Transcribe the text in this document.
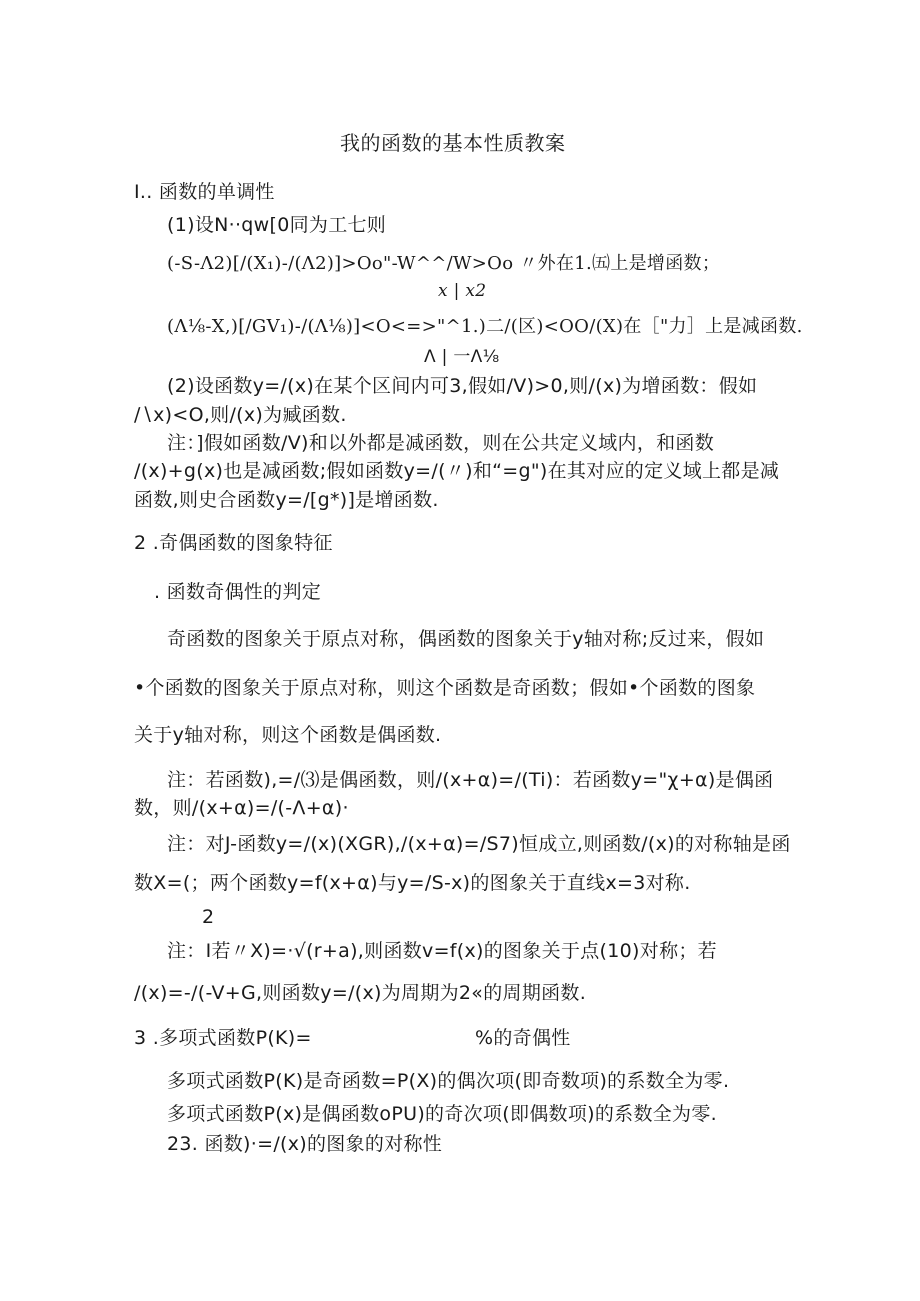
我的函数的基本性质教案
I.. 函数的单调性
(1)设N··qw[0同为工七则
(-S-Λ2)[∕(X₁)-∕(Λ2)]>Oo"-W^^∕W>Oo 〃外在1.㈤上是增函数；
x | x2
(Λ⅛-X,)[∕GV₁)-∕(Λ⅛)]<O<=>"^1.)二∕(区)<OO/(X)在［"力］上是减函数.
Λ | 一Λ⅛
(2)设函数y=∕(x)在某个区间内可3,假如/V)>0,则/(x)为增函数：假如
∕∖x)<O,则/(x)为臧函数.
注：]假如函数/V)和以外都是减函数，则在公共定义域内，和函数
/(x)+g(x)也是减函数;假如函数y=/(〃)和“=g")在其对应的定义域上都是减
函数,则史合函数y=∕[g*)]是增函数.
2 .奇偶函数的图象特征
. 函数奇偶性的判定
奇函数的图象关于原点对称，偶函数的图象关于y轴对称;反过来，假如
•个函数的图象关于原点对称，则这个函数是奇函数；假如•个函数的图象
关于y轴对称，则这个函数是偶函数.
注：若函数),=/⑶是偶函数，则/(x+α)=/(Ti)：若函数y="χ+α)是偶函
数，则/(x+α)=∕(-Λ+α)·
注：对J-函数y=/(x)(XGR),/(x+α)=/S7)恒成立,则函数/(x)的对称轴是函
数X=(；两个函数y=f(x+α)与y=∕S-x)的图象关于直线x=3对称.
2
注：I若〃X)=·√(r+a),则函数v=f(x)的图象关于点(10)对称；若
/(x)=-/(-V+G,则函数y=/(x)为周期为2«的周期函数.
3 .多项式函数P(K)=	%的奇偶性
多项式函数P(K)是奇函数=P(X)的偶次项(即奇数项)的系数全为零.
多项式函数P(x)是偶函数oPU)的奇次项(即偶数项)的系数全为零.
23. 函数)·=/(x)的图象的对称性
